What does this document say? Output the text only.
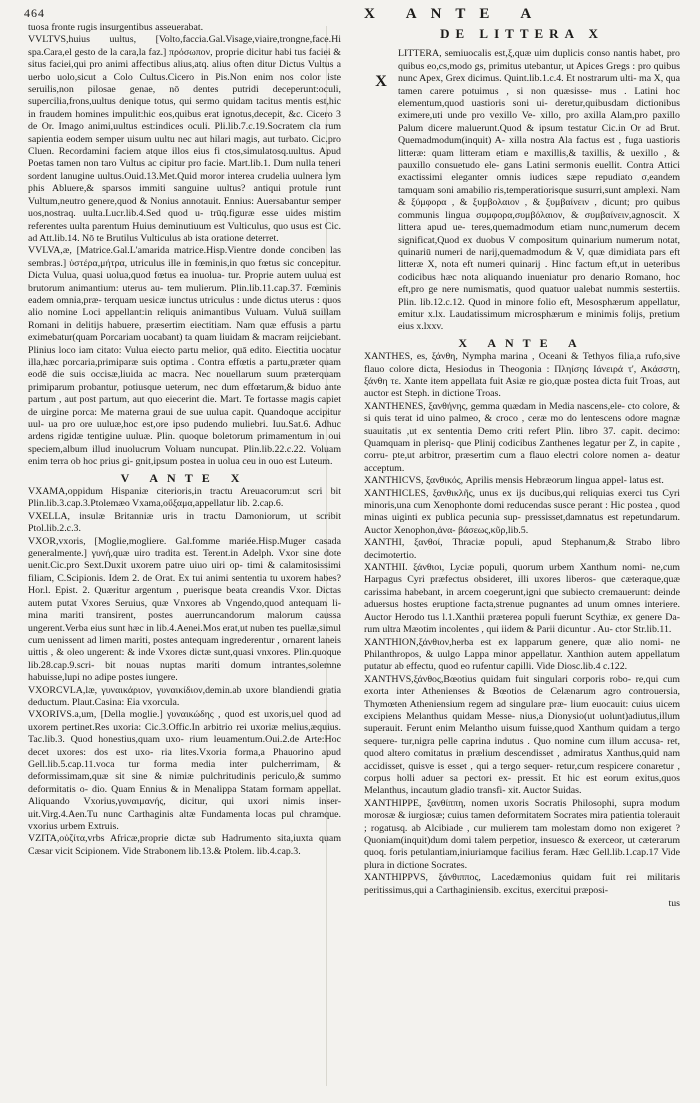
464	X ANTE A

tuosa fronte rugis insurgentibus asseuerabat.

VVLTVS,huius uultus, [Volto,faccia.Gal.Visage,viaire,trongne,face.Hi spa.Cara,el gesto de la cara,la faz.] πρόσωπον, proprie dicitur habi tus faciei & situs faciei,qui pro animi affectibus alius,atq. alius often ditur Dictus Vultus a uerbo uolo,sicut a Colo Cultus.Cicero in Pis.Non enim nos color iste seruilis,non pilosae genae, nō dentes putridi deceperunt:oculi, supercilia,frons,uultus denique totus, qui sermo quidam tacitus mentis est,hic in fraudem homines impulit:hic eos,quibus erat ignotus,decepit, &c. Cicero 3 de Or. Imago animi,uultus est:indices oculi. Pli.lib.7.c.19.Socratem cla rum sapientia eodem semper uisum uultu nec aut hilari magis, aut turbato. Cic.pro Cluen. Recordamini faciem atque illos eius fi ctos,simulatosq.uultus. Apud Poetas tamen non taro Vultus ac cipitur pro facie. Mart.lib.1. Dum nulla teneri sordent lanugine uultus.Ouid.13.Met.Quid moror interea crudelia uulnera lym phis Abluere,& sparsos immiti sanguine uultus? antiqui protule runt Vultum,neutro genere,quod & Nonius annotauit. Ennius: Auersabantur semper uos,nostraq. uulta.Lucr.lib.4.Sed quod u- trūq.figuræ esse uides mistim referentes uulta parentum Huius deminutiuum est Vulticulus, quo usus est Cic. ad Att.lib.14. Nō te Brutilus Vulticulus ab ista oratione deterret.

VVLVA,æ, [Matrice.Gal.L'amarida matrice.Hisp.Vientre donde conciben las sembras.] ὑστέρα,μήτρα, utriculus ille in fœminis,in quo fœtus sic concepitur. Dicta Vuluа, quasi uolua,quod fœtus ea inuolua- tur. Proprie autem uulua est brutorum animantium: uterus au- tem mulierum. Plin.lib.11.cap.37. Fœminis eadem omnia,præ- terquam uesicæ iunctus utriculus : unde dictus uterus : quos alio nomine Loci appellant:in reliquis animantibus Vuluam. Vuluā suillam Romani in delitijs habuere, præsertim eiectitiam. Nam quæ effusis a partu eximebatur(quam Porcariam uocabant) ta quam liuidam & macram reijciebant. Plinius loco iam citato: Vulua eiecto partu melior, quā edito. Eiectitia uocatur illa,hæc porcaria,primiparæ suis optima . Contra effœtis a partu,præter quam eodē die suis occisæ,liuida ac macra. Nec nouellarum suum præterquam primiparum probantur, potiusque ueterum, nec dum effœtarum,& biduo ante partum , aut post partum, aut quo eiecerint die. Mart. Te fortasse magis capiet de uirgine porca: Me materna graui de sue uulua capit. Quandoque accipitur uul- ua pro ore uuluæ,hoc est,ore ipso pudendo muliebri. Iuu.Sat.6. Adhuc ardens rigidæ tentigine uuluæ. Plin. quoque boletorum primamentum in oui speciem,album illud inuolucrum Voluam nuncupat. Plin.lib.22.c.22. Voluam enim terra ob hoc prius gi- gnit,ipsum postea in uolua ceu in ouo est Luteum.

V ANTE X

VXAMA,oppidum Hispaniæ citerioris,in tractu Areuacorum:ut scri bit Plin.lib.3.cap.3.Ptolemæo Vxama,οὔξαμα,appellatur lib. 2.cap.6.

VXELLA, insulæ Britanniæ uris in tractu Damoniorum, ut scribit Ptol.lib.2.c.3.

VXOR,vxoris, [Moglie,mogliere. Gal.fomme mariée.Hisp.Muger casada generalmente.] γυνή,quæ uiro tradita est. Terent.in Adelph. Vxor sine dote uenit.Cic.pro Sext.Duxit uxorem patre uiuo uiri op- timi & calamitosissimi filiam, C.Scipionis. Idem 2. de Orat. Ex tui animi sententia tu uxorem habes? Hor.l. Epist. 2. Quæritur argentum , puerisque beata creandis Vxor. Dictas autem putat Vxores Seruius, quæ Vnxores ab Vngendo,quod antequam li- mina mariti transirent, postes auerruncandorum malorum caussa ungerent.Verba eius sunt hæc in lib.4.Aenei.Mos erat,ut nuben tes puellæ,simul cum uenissent ad limen mariti, postes antequam ingrederentur , ornarent laneis uittis , & oleo ungerent: & inde Vxores dictæ sunt,quasi vnxores. Plin.quoque lib.28.cap.9.scri- bit nouas nuptas mariti domum intrantes,solemne habuisse,lupi no adipe postes iungere.

VXORCVLA,læ, γυναικάριον, γυναικίδιον,demin.ab uxore blandiendi gratia deductum. Plaut.Casina: Eia vxorcula.

VXORIVS.a,um, [Della moglie.] γυναικώδης , quod est uxoris,uel quod ad uxorem pertinet.Res uxoria: Cic.3.Offic.In arbitrio rei uxoriæ melius,æquius. Tac.lib.3. Quod honestius,quam uxo- rium leuamentum.Oui.2.de Arte:Hoc decet uxores: dos est uxo- ria lites.Vxoria forma,a Phauorino apud Gell.lib.5.cap.11.voca tur forma media inter pulcherrimam, & deformissimam,quæ sit sine & nimiæ pulchritudinis periculo,& summo deformitatis o- dio. Quam Ennius & in Menalippa Statam formam appellat. Aliquando Vxorius,γυναιμανής, dicitur, qui uxori nimis inser- uit.Virg.4.Aen.Tu nunc Carthaginis altæ Fundamenta locas pul chramque. vxorius urbem Extruis.

VZITA,οὐζίτα,vrbs Africæ,proprie dictæ sub Hadrumento sita,iuxta quam Cæsar vicit Scipionem. Vide Strabonem lib.13.& Ptolem. lib.4.cap.3.

DE LITTERA X
X

LITTERA, semiuocalis est,ξ,quæ uim duplicis conso nantis habet, pro quibus eo,cs,modo gs, primitus utebantur, ut Apices Gregs : pro quibus nunc Apex, Grex dicimus. Quint.lib.1.c.4. Et nostrarum ulti- ma X, qua tamen carere potuimus , si non quæsisse- mus . Latini hoc elementum,quod uastioris soni ui- deretur,quibusdam dictionibus eximere,uti unde pro vexillo Ve- xillo, pro axilla Alam,pro paxillo Palum dicere maluerunt.Quod & ipsum testatur Cic.in Or ad Brut. Quemadmodum(inquit) A- xilla nostra Ala factus est , fuga uastioris litteræ: quam litteram etiam e maxillis,& taxillis, & uexillo , & pauxillo consuetudo ele- gans Latini sermonis euellit. Contra Attici exactissimi eleganter omnis iudices sæpe repudiato σ,eandem tamquam soni amabilio ris,temperatiorisque susurri,sunt amplexi. Nam & ξύμφορα , & ξυμβολαιον , & ξυμβαίνειν , dicunt; pro quibus communis lingua συμφορα,συμβόλαιον, & συμβαίνειν,agnoscit. X littera apud ue- teres,quemadmodum etiam nunc,numerum decem significat,Quod ex duobus V compositum quinarium numerum notat, quinariū numeri de narij,quemadmodum & V, quæ dimidiata pars eft litteræ X, nota eft numeri quinarij . Hinc factum eft,ut in ueteribus codicibus hæc nota aliquando inueniatur pro denario Romano, hoc eft,pro ge nere numismatis, quod quatuor ualebat nummis sestertiis. Plin. lib.12.c.12. Quod in minore folio eft, Mesosphærum appellatur, emitur x.lx. Laudatissimum microsphærum e minimis folijs, pretium eius x.lxxv.

X ANTE A

XANTHES, es, ξάνθη, Nympha marina , Oceani & Tethyos filia,a rufo,sive flauo colore dicta, Hesiodus in Theogonia : Πληίσης Ιάνειρά τ', Ακάσστη, ξάνθη τε. Xante item appellata fuit Asiæ re gio,quæ postea dicta fuit Troas, aut auctor est Steph. in dictione Troas.

XANTHENES, ξανθήνης, gemma quædam in Media nascens,ele- cto colore, & si quis terat id uino palmeo, & croco , ceræ mo do lentescens odore magnæ suauitatis ,ut ex sententia Demo criti refert Plin. libro 37. capit. decimo: Quamquam in plerisq- que Plinij codicibus Zanthenes legatur per Z, in capite , corru- pte,ut arbitror, præsertim cum a flauo electri colore nomen a- deatur acceptum.

XANTHICVS, ξανθικός, Aprilis mensis Hebræorum lingua appel- latus est.

XANTHICLES, ξανθικλῆς, unus ex ijs ducibus,qui reliquias exerci tus Cyri minoris,una cum Xenophonte domi reducendas susce perant : Hic postea , quod minas uiginti ex publica pecunia sup- pressisset,damnatus est repetundarum. Auctor Xenophon,ἀνα- βάσεως,κῦρ,lib.5.

XANTHI, ξανθοί, Thraciæ populi, apud Stephanum,& Strabo libro decimotertio.

XANTHII. ξάνθιοι, Lyciæ populi, quorum urbem Xanthum nomi- ne,cum Harpagus Cyri præfectus obsideret, illi uxores liberos- que cæteraque,quæ carissima habebant, in arcem coegerunt,igni que subiecto cremauerunt: deinde aduersus hostes eruptione facta,strenue pugnantes ad unum omnes interiere. Auctor Herodo tus l.1.Xanthii præterea populi fuerunt Scythiæ, ex genere Da- rum ultra Mæotim incolentes , qui iidem & Parii dicuntur . Au- ctor Str.lib.11.

XANTHION,ξάνθιον,herba est ex lapparum genere, quæ alio nomi- ne Philanthropos, & uulgo Lappa minor appellatur. Xanthion autem appellatum putatur ab effectu, quod eo rufentur capilli. Vide Diosc.lib.4 c.122.

XANTHVS,ξάνθος,Bœotius quidam fuit singulari corporis robo- re,qui cum exorta inter Athenienses & Bœotios de Celænarum agro controuersia, Thymœten Atheniensium regem ad singulare præ- lium euocauit: cuius uicem excipiens Melanthus quidam Messe- nius,a Dionysio(ut uolunt)adiutus,illum superauit. Ferunt enim Melantho uisum fuisse,quod Xanthum quidam a tergo sequere- tur,nigra pelle caprina indutus . Quo nomine cum illum accusa- ret, quod alterо comitatus in prælium descendisset , admiratus Xanthus,quid nam accidisset, quisve is esset , qui a tergo sequer- retur,cum respicere conaretur , corpus holli aduer sa pectori ex- pressit. Et hic est eorum exitus,quos Melanthus, incautum gladio transfi- xit. Auctor Suidas.

XANTHIPPE, ξανθίππη, nomen uxoris Socratis Philosophi, supra modum morosæ & iurgiosæ; cuius tamen deformitatem Socrates mira patientia tolerauit ; rogatusq. ab Alcibiade , cur mulierem tam molestam domo non exigeret ? Quoniam(inquit)dum domi talem perpetior, insuesco & exerceor, ut cæterarum quoq. foris petulantiam,iniuriamque facilius feram. Hæc Gell.lib.1.cap.17 Vide plura in dictione Socrates.

XANTHIPPVS, ξάνθιππος, Lacedæmonius quidam fuit rei militaris peritissimus,qui a Carthaginiensib. excitus, exercitui præposi-

tus
